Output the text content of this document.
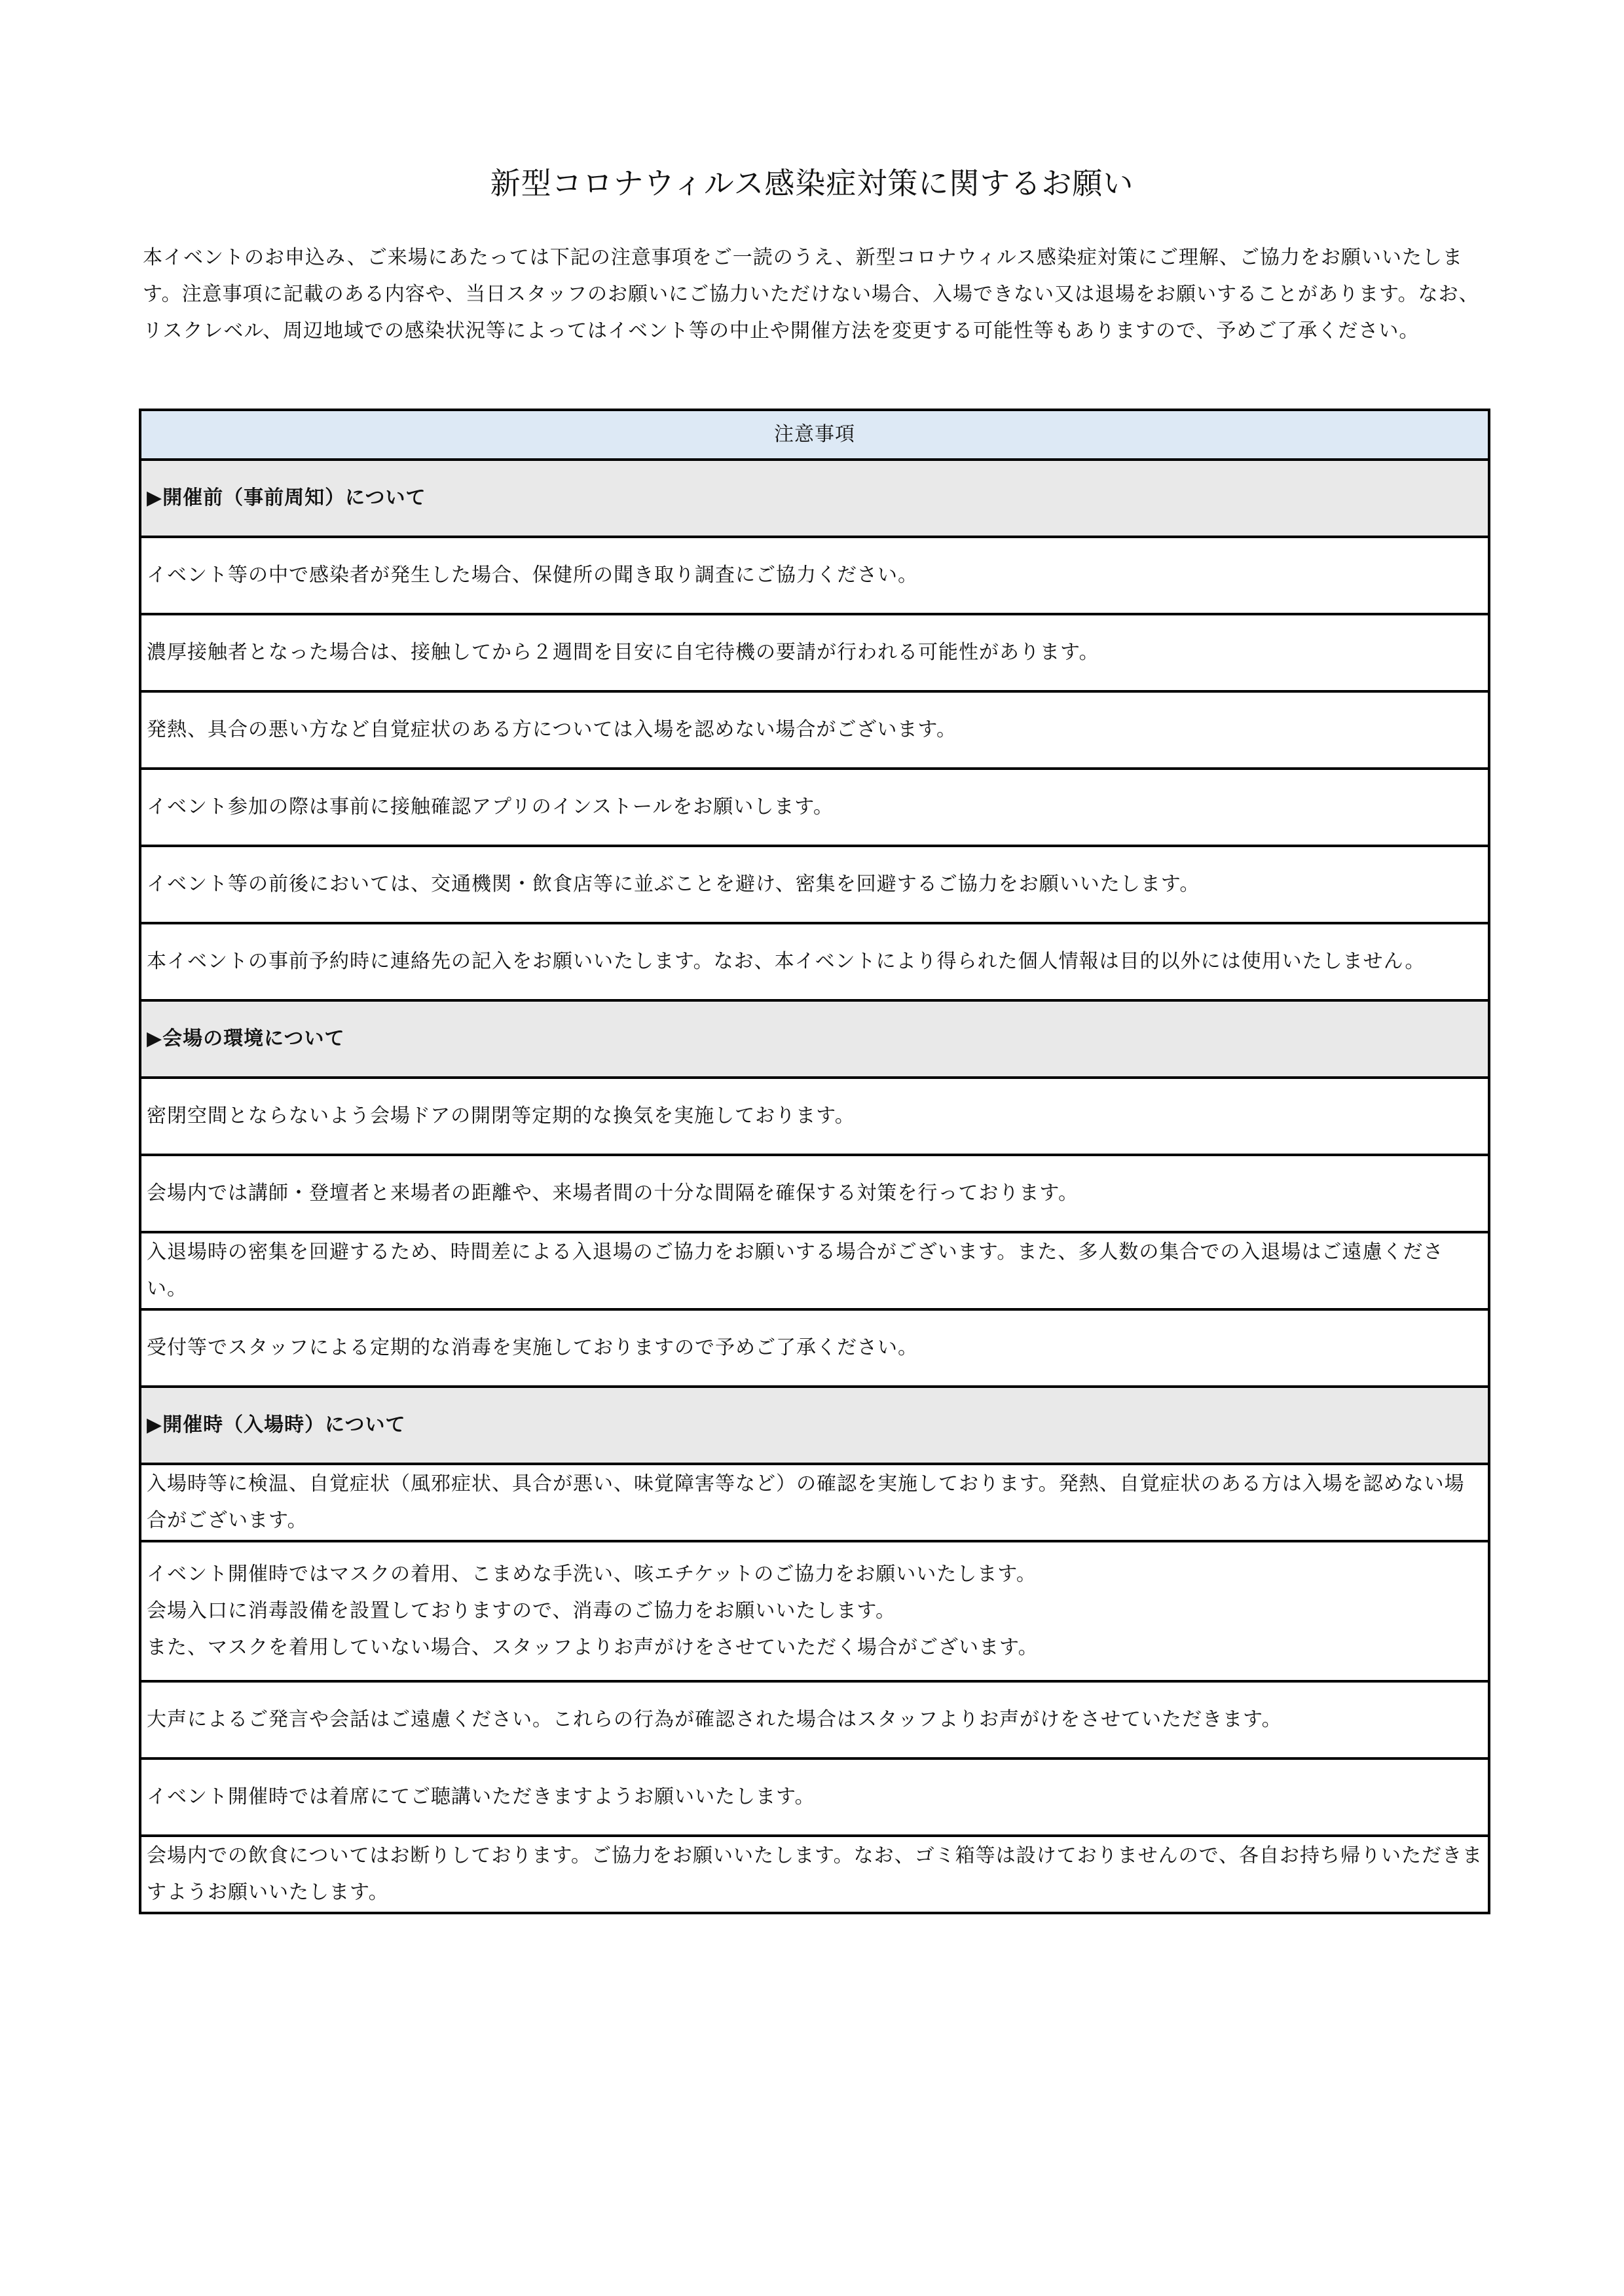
新型コロナウィルス感染症対策に関するお願い
本イベントのお申込み、ご来場にあたっては下記の注意事項をご一読のうえ、新型コロナウィルス感染症対策にご理解、ご協力をお願いいたします。注意事項に記載のある内容や、当日スタッフのお願いにご協力いただけない場合、入場できない又は退場をお願いすることがあります。なお、リスクレベル、周辺地域での感染状況等によってはイベント等の中止や開催方法を変更する可能性等もありますので、予めご了承ください。
注意事項
▶開催前（事前周知）について
イベント等の中で感染者が発生した場合、保健所の聞き取り調査にご協力ください。
濃厚接触者となった場合は、接触してから２週間を目安に自宅待機の要請が行われる可能性があります。
発熱、具合の悪い方など自覚症状のある方については入場を認めない場合がございます。
イベント参加の際は事前に接触確認アプリのインストールをお願いします。
イベント等の前後においては、交通機関・飲食店等に並ぶことを避け、密集を回避するご協力をお願いいたします。
本イベントの事前予約時に連絡先の記入をお願いいたします。なお、本イベントにより得られた個人情報は目的以外には使用いたしません。
▶会場の環境について
密閉空間とならないよう会場ドアの開閉等定期的な換気を実施しております。
会場内では講師・登壇者と来場者の距離や、来場者間の十分な間隔を確保する対策を行っております。
入退場時の密集を回避するため、時間差による入退場のご協力をお願いする場合がございます。また、多人数の集合での入退場はご遠慮ください。
受付等でスタッフによる定期的な消毒を実施しておりますので予めご了承ください。
▶開催時（入場時）について
入場時等に検温、自覚症状（風邪症状、具合が悪い、味覚障害等など）の確認を実施しております。発熱、自覚症状のある方は入場を認めない場合がございます。
イベント開催時ではマスクの着用、こまめな手洗い、咳エチケットのご協力をお願いいたします。
会場入口に消毒設備を設置しておりますので、消毒のご協力をお願いいたします。
また、マスクを着用していない場合、スタッフよりお声がけをさせていただく場合がございます。
大声によるご発言や会話はご遠慮ください。これらの行為が確認された場合はスタッフよりお声がけをさせていただきます。
イベント開催時では着席にてご聴講いただきますようお願いいたします。
会場内での飲食についてはお断りしております。ご協力をお願いいたします。なお、ゴミ箱等は設けておりませんので、各自お持ち帰りいただきますようお願いいたします。
